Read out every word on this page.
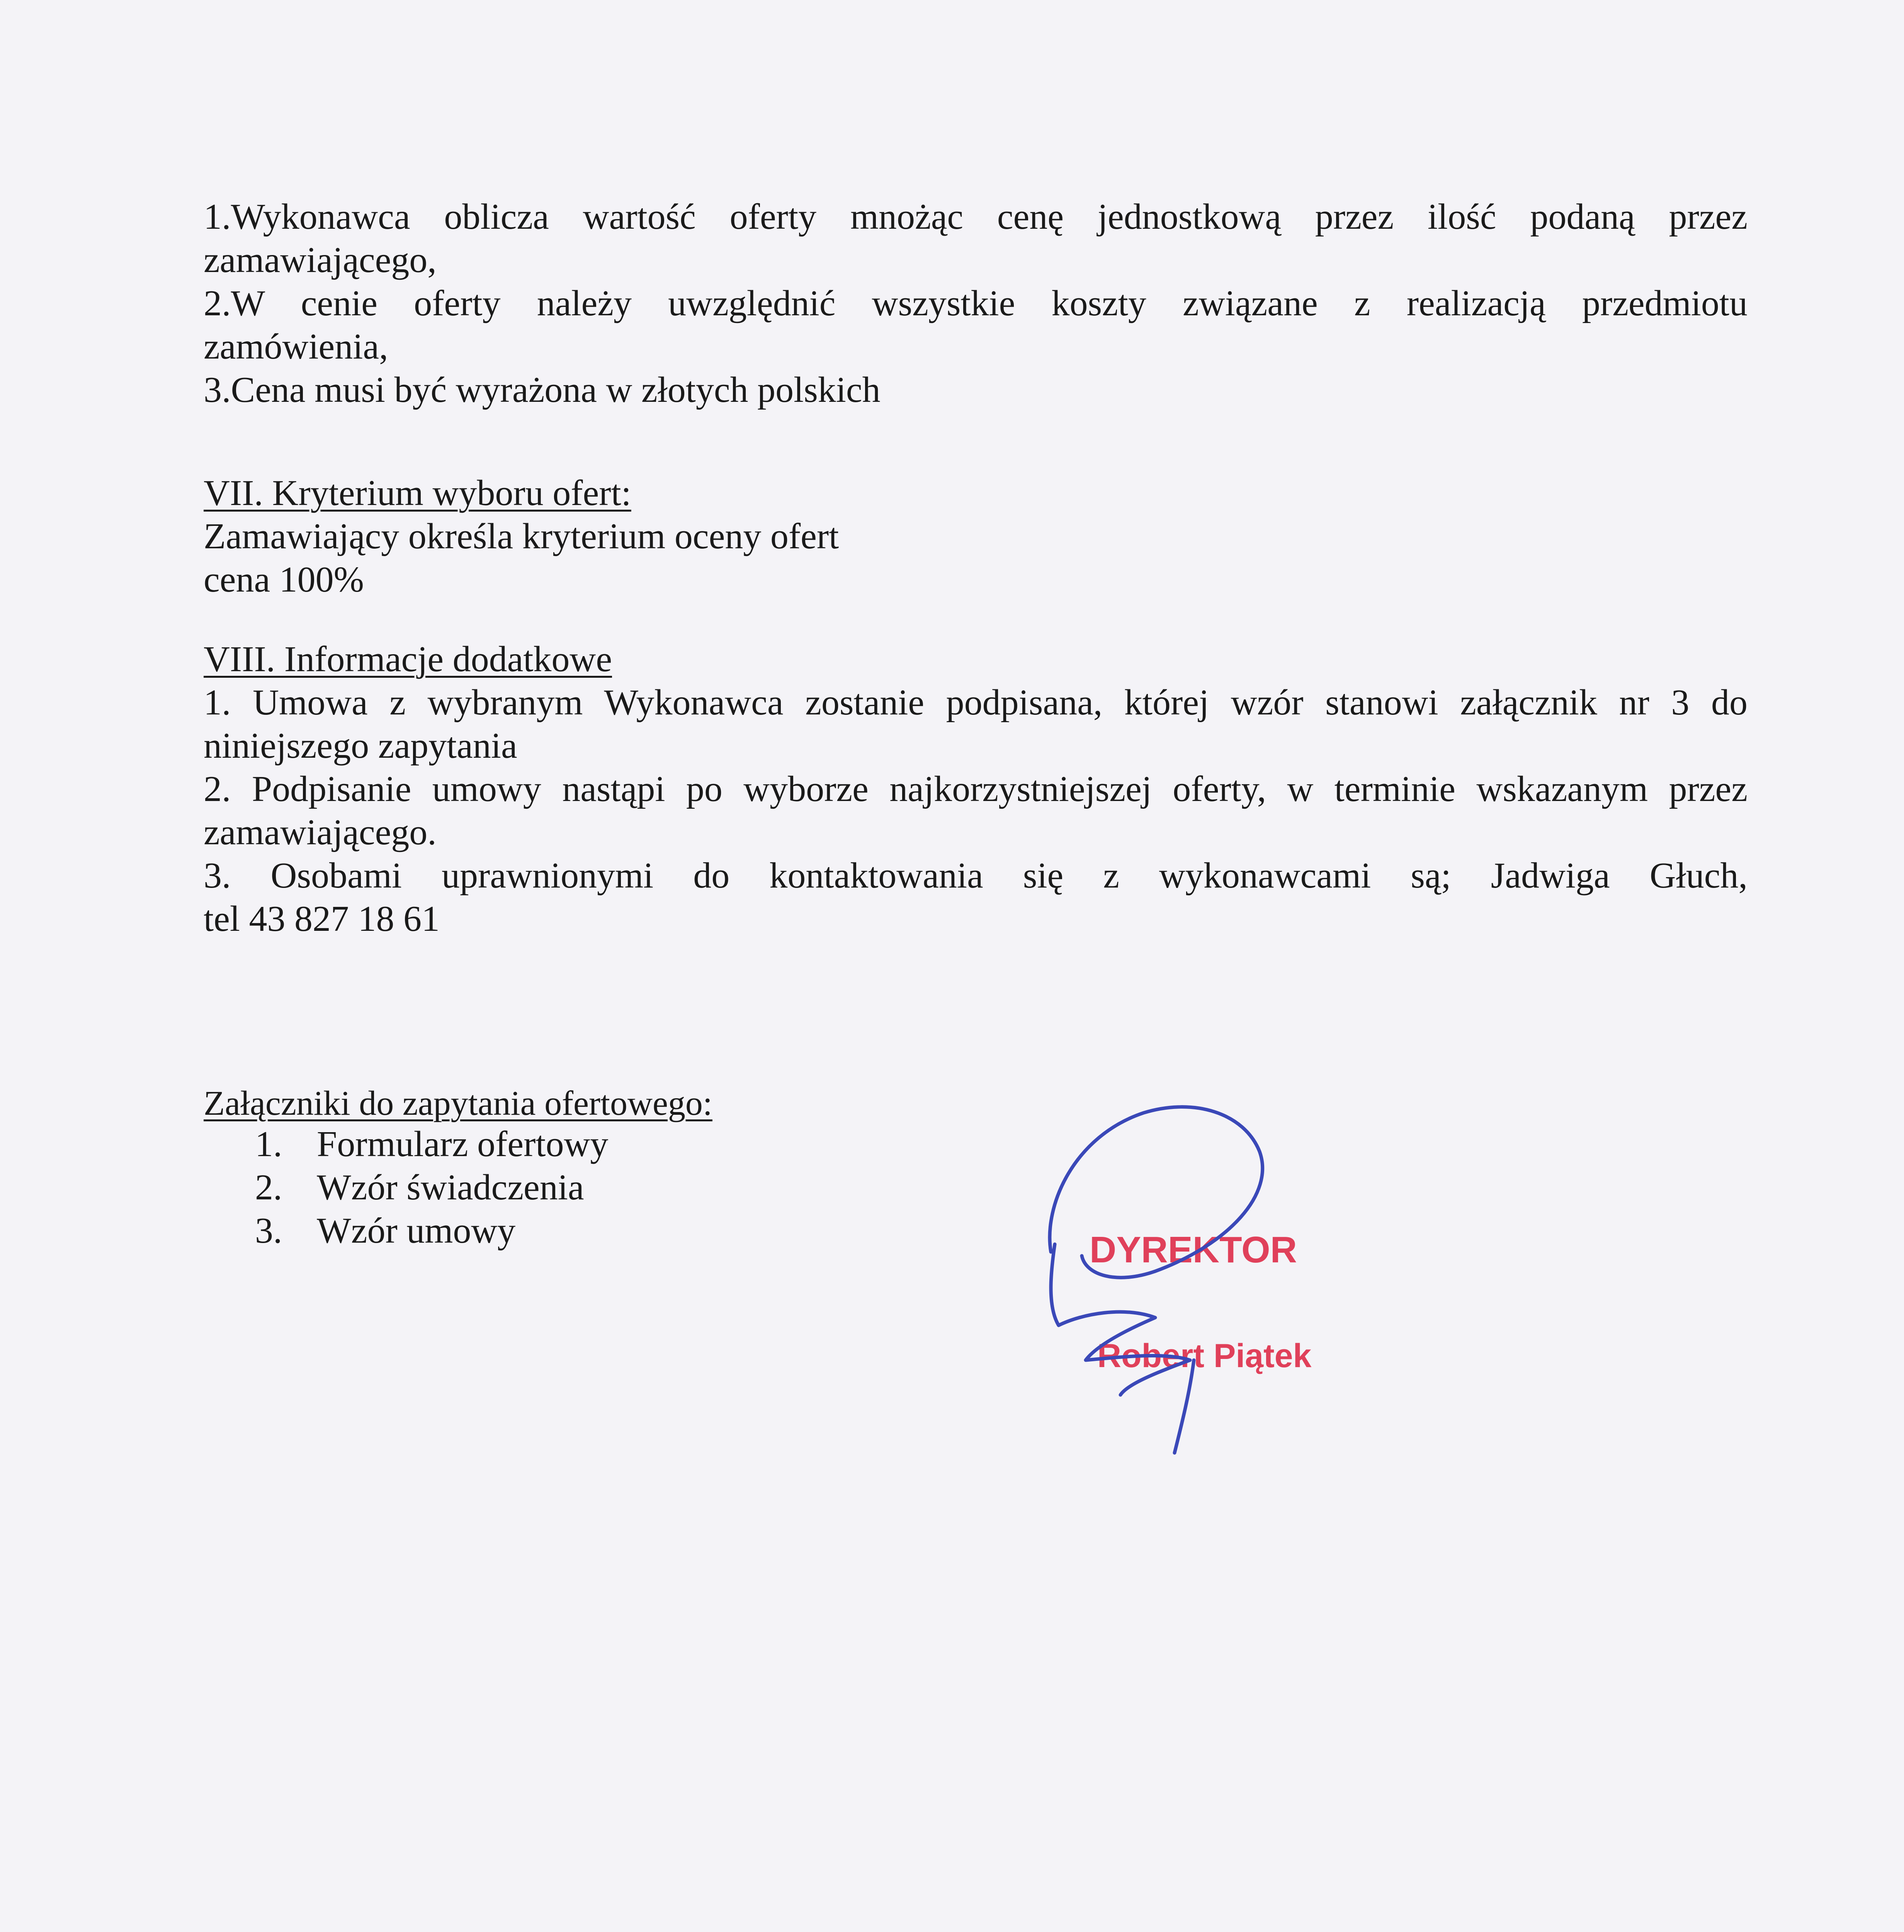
1.Wykonawca oblicza wartość oferty mnożąc cenę jednostkową przez ilość podaną przez

zamawiającego,

2.W cenie oferty należy uwzględnić wszystkie koszty związane z realizacją przedmiotu

zamówienia,

3.Cena musi być wyrażona w złotych polskich

VII. Kryterium wyboru ofert:

Zamawiający określa kryterium oceny ofert

cena 100%

VIII. Informacje dodatkowe

1. Umowa z wybranym Wykonawca zostanie podpisana, której wzór stanowi załącznik nr 3 do

niniejszego zapytania

2. Podpisanie umowy nastąpi po wyborze najkorzystniejszej oferty, w terminie wskazanym przez

zamawiającego.

3. Osobami uprawnionymi do kontaktowania się z wykonawcami są; Jadwiga Głuch,

tel 43 827 18 61

Załączniki do zapytania ofertowego:

1. Formularz ofertowy
2. Wzór świadczenia
3. Wzór umowy	DYREKTOR
Robert Piątek
